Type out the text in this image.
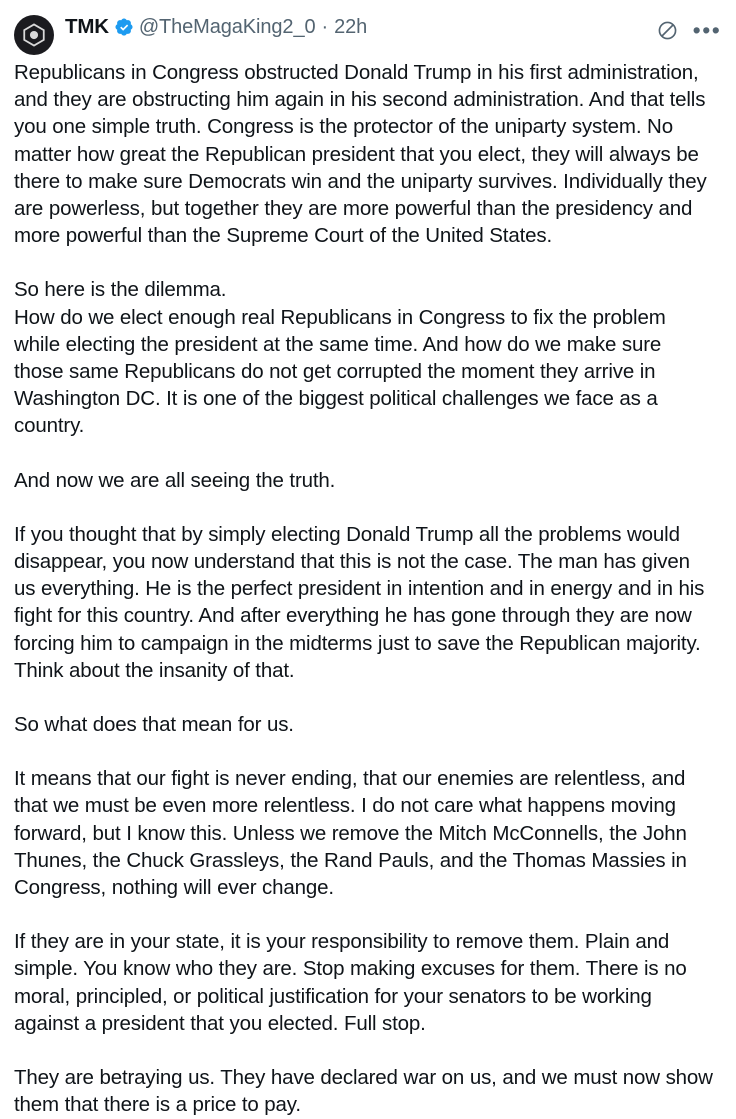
TMK @TheMagaKing2_0 · 22h	•••

Republicans in Congress obstructed Donald Trump in his first administration, and they are obstructing him again in his second administration. And that tells you one simple truth. Congress is the protector of the uniparty system. No matter how great the Republican president that you elect, they will always be there to make sure Democrats win and the uniparty survives. Individually they are powerless, but together they are more powerful than the presidency and more powerful than the Supreme Court of the United States.

So here is the dilemma.

How do we elect enough real Republicans in Congress to fix the problem while electing the president at the same time. And how do we make sure those same Republicans do not get corrupted the moment they arrive in Washington DC. It is one of the biggest political challenges we face as a country.

And now we are all seeing the truth.

If you thought that by simply electing Donald Trump all the problems would disappear, you now understand that this is not the case. The man has given us everything. He is the perfect president in intention and in energy and in his fight for this country. And after everything he has gone through they are now forcing him to campaign in the midterms just to save the Republican majority. Think about the insanity of that.

So what does that mean for us.

It means that our fight is never ending, that our enemies are relentless, and that we must be even more relentless. I do not care what happens moving forward, but I know this. Unless we remove the Mitch McConnells, the John Thunes, the Chuck Grassleys, the Rand Pauls, and the Thomas Massies in Congress, nothing will ever change.

If they are in your state, it is your responsibility to remove them. Plain and simple. You know who they are. Stop making excuses for them. There is no moral, principled, or political justification for your senators to be working against a president that you elected. Full stop.

They are betraying us. They have declared war on us, and we must now show them that there is a price to pay.
